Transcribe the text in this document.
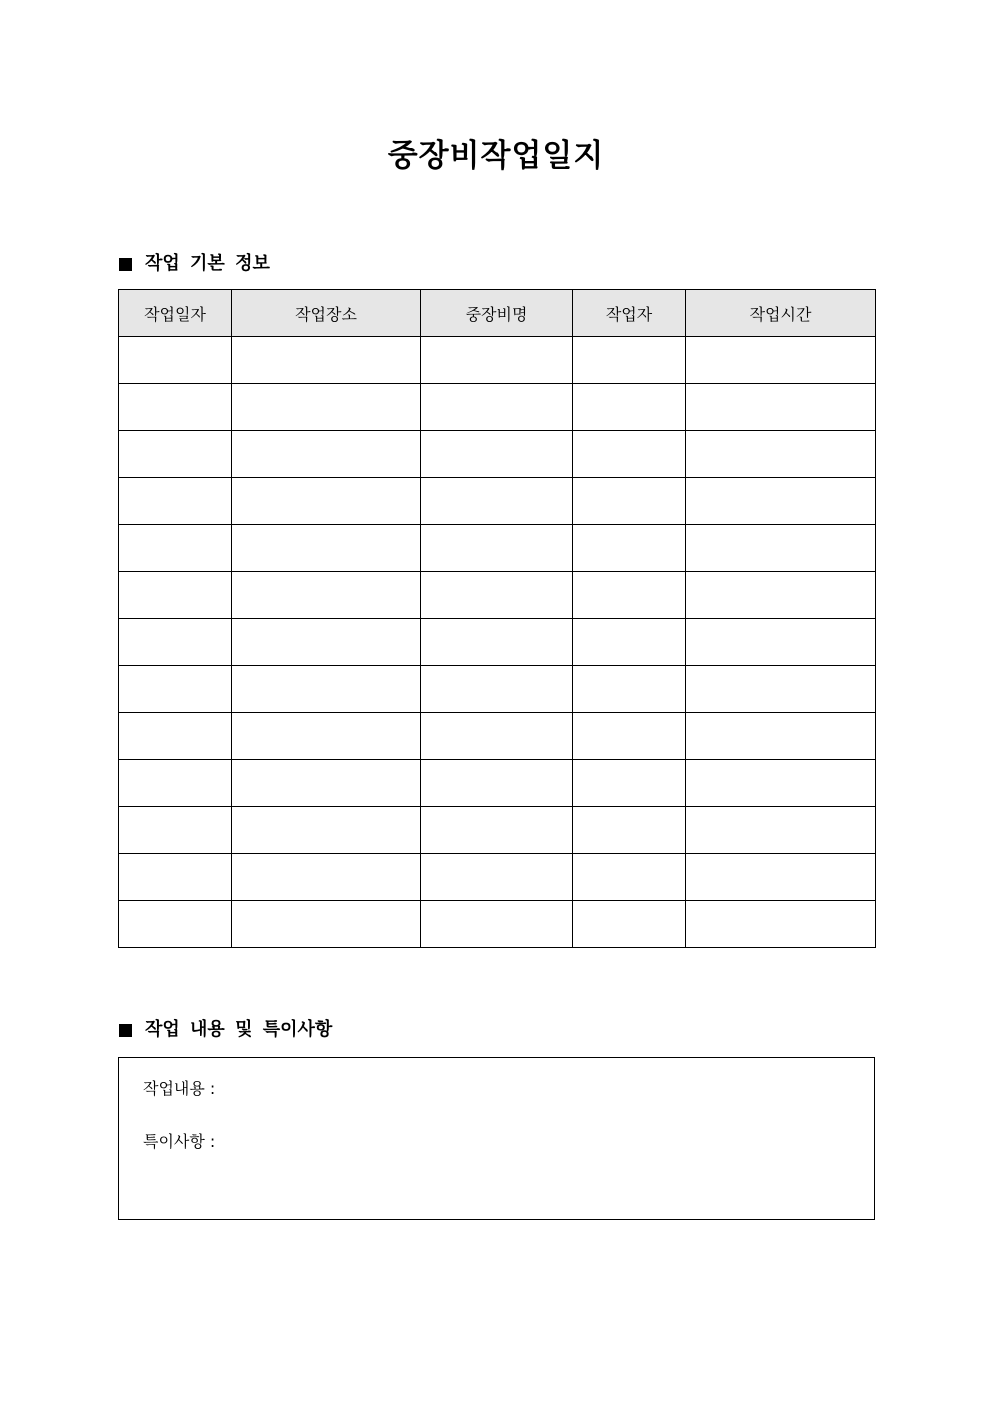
중장비작업일지
작업 기본 정보
작업일자	작업장소	중장비명	작업자	작업시간

작업 내용 및 특이사항
작업내용 :
특이사항 :
